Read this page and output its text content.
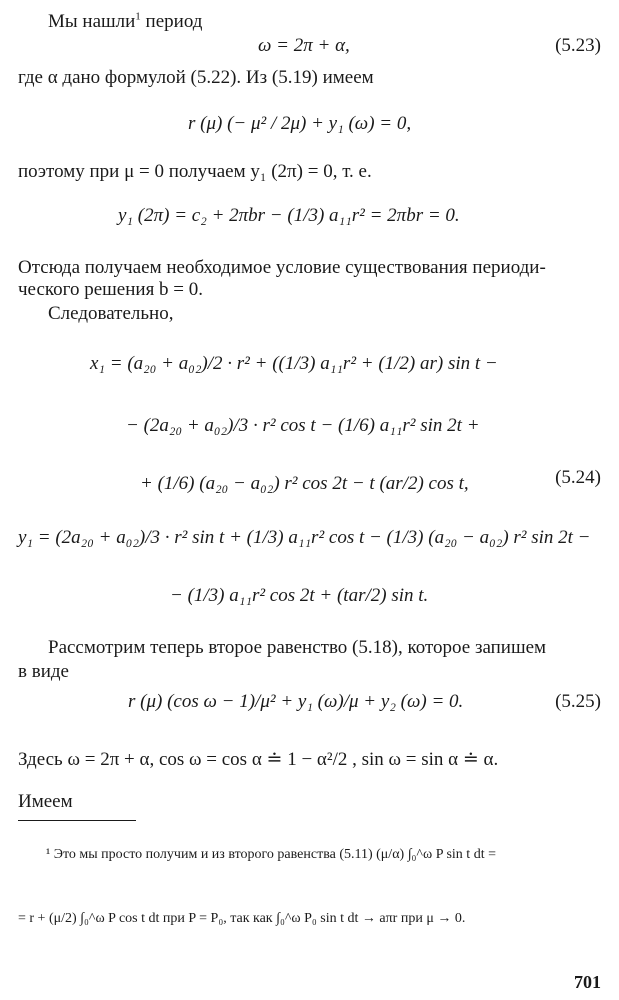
Мы нашли$^1$ период
ω = 2π + α,	(5.23)
где α дано формулой (5.22). Из (5.19) имеем
r (μ) (− μ² / 2μ) + y₁ (ω) = 0,
поэтому при μ = 0 получаем y₁ (2π) = 0, т. е.
y₁ (2π) = c₂ + 2πbr − (1/3) a₁₁r² = 2πbr = 0.
Отсюда получаем необходимое условие существования периоди-
ческого решения b = 0.
Следовательно,
x₁ = (a₂₀ + a₀₂)/2 · r² + ((1/3) a₁₁r² + (1/2) ar) sin t −
− (2a₂₀ + a₀₂)/3 · r² cos t − (1/6) a₁₁r² sin 2t +
+ (1/6) (a₂₀ − a₀₂) r² cos 2t − t (ar/2) cos t,	(5.24)
y₁ = (2a₂₀ + a₀₂)/3 · r² sin t + (1/3) a₁₁r² cos t − (1/3) (a₂₀ − a₀₂) r² sin 2t −
− (1/3) a₁₁r² cos 2t + (tar/2) sin t.
Рассмотрим теперь второе равенство (5.18), которое запишем
в виде
r (μ) (cos ω − 1)/μ² + y₁ (ω)/μ + y₂ (ω) = 0.	(5.25)
Здесь ω = 2π + α, cos ω = cos α ≐ 1 − α²/2 , sin ω = sin α ≐ α.
Имеем
¹ Это мы просто получим и из второго равенства (5.11) (μ/α) ∫₀^ω P sin t dt =
= r + (μ/2) ∫₀^ω P cos t dt при P = P₀, так как ∫₀^ω P₀ sin t dt → aπr при μ → 0.
701
